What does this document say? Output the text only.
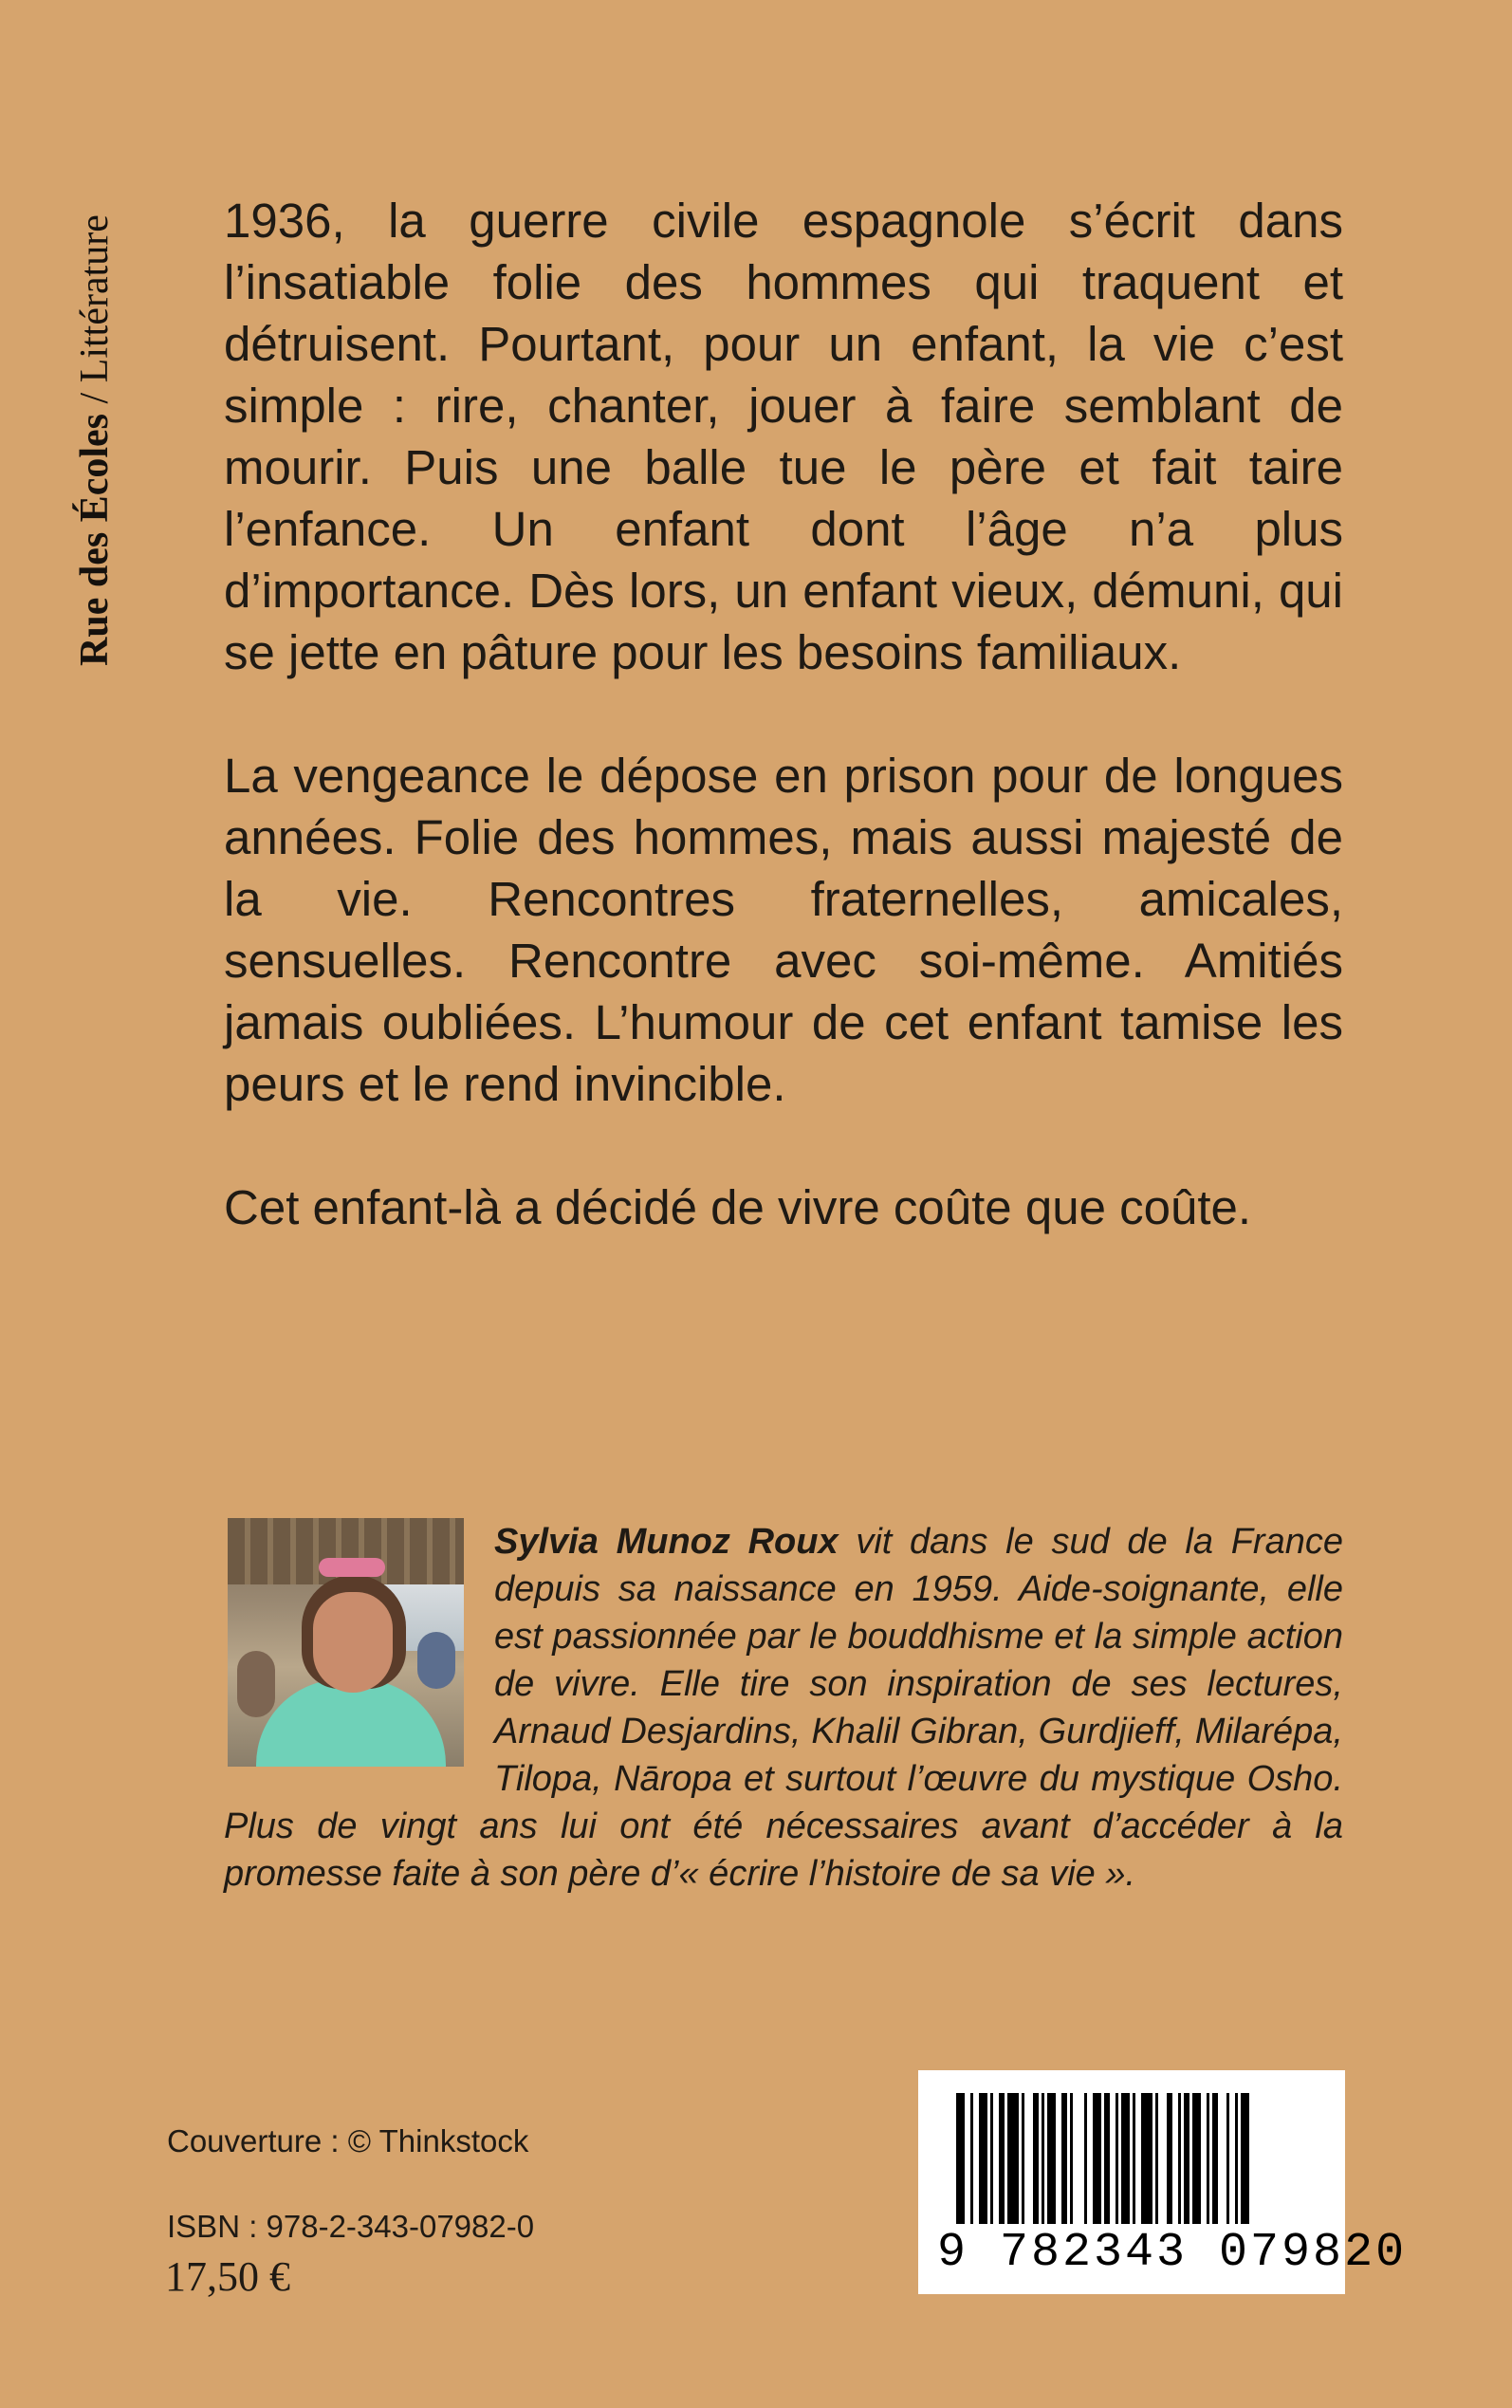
Rue des Écoles / Littérature 1936, la guerre civile espagnole s’écrit dans l’insatiable folie des hommes qui traquent et détruisent. Pourtant, pour un enfant, la vie c’est simple : rire, chanter, jouer à faire semblant de mourir. Puis une balle tue le père et fait taire l’enfance. Un enfant dont l’âge n’a plus d’importance. Dès lors, un enfant vieux, démuni, qui se jette en pâture pour les besoins familiaux.

La vengeance le dépose en prison pour de longues années. Folie des hommes, mais aussi majesté de la vie. Rencontres fraternelles, amicales, sensuelles. Rencontre avec soi-même. Amitiés jamais oubliées. L’humour de cet enfant tamise les peurs et le rend invincible.

Cet enfant-là a décidé de vivre coûte que coûte.

Sylvia Munoz Roux vit dans le sud de la France depuis sa naissance en 1959. Aide-soignante, elle est passionnée par le bouddhisme et la simple action de vivre. Elle tire son inspiration de ses lectures, Arnaud Desjardins, Khalil Gibran, Gurdjieff, Milarépa, Tilopa, Nāropa et surtout l’œuvre du mystique Osho. Plus de vingt ans lui ont été nécessaires avant d’accéder à la promesse faite à son père d’« écrire l’histoire de sa vie ».
Couverture : © Thinkstock
ISBN : 978-2-343-07982-0
17,50 €	9 782343 079820
